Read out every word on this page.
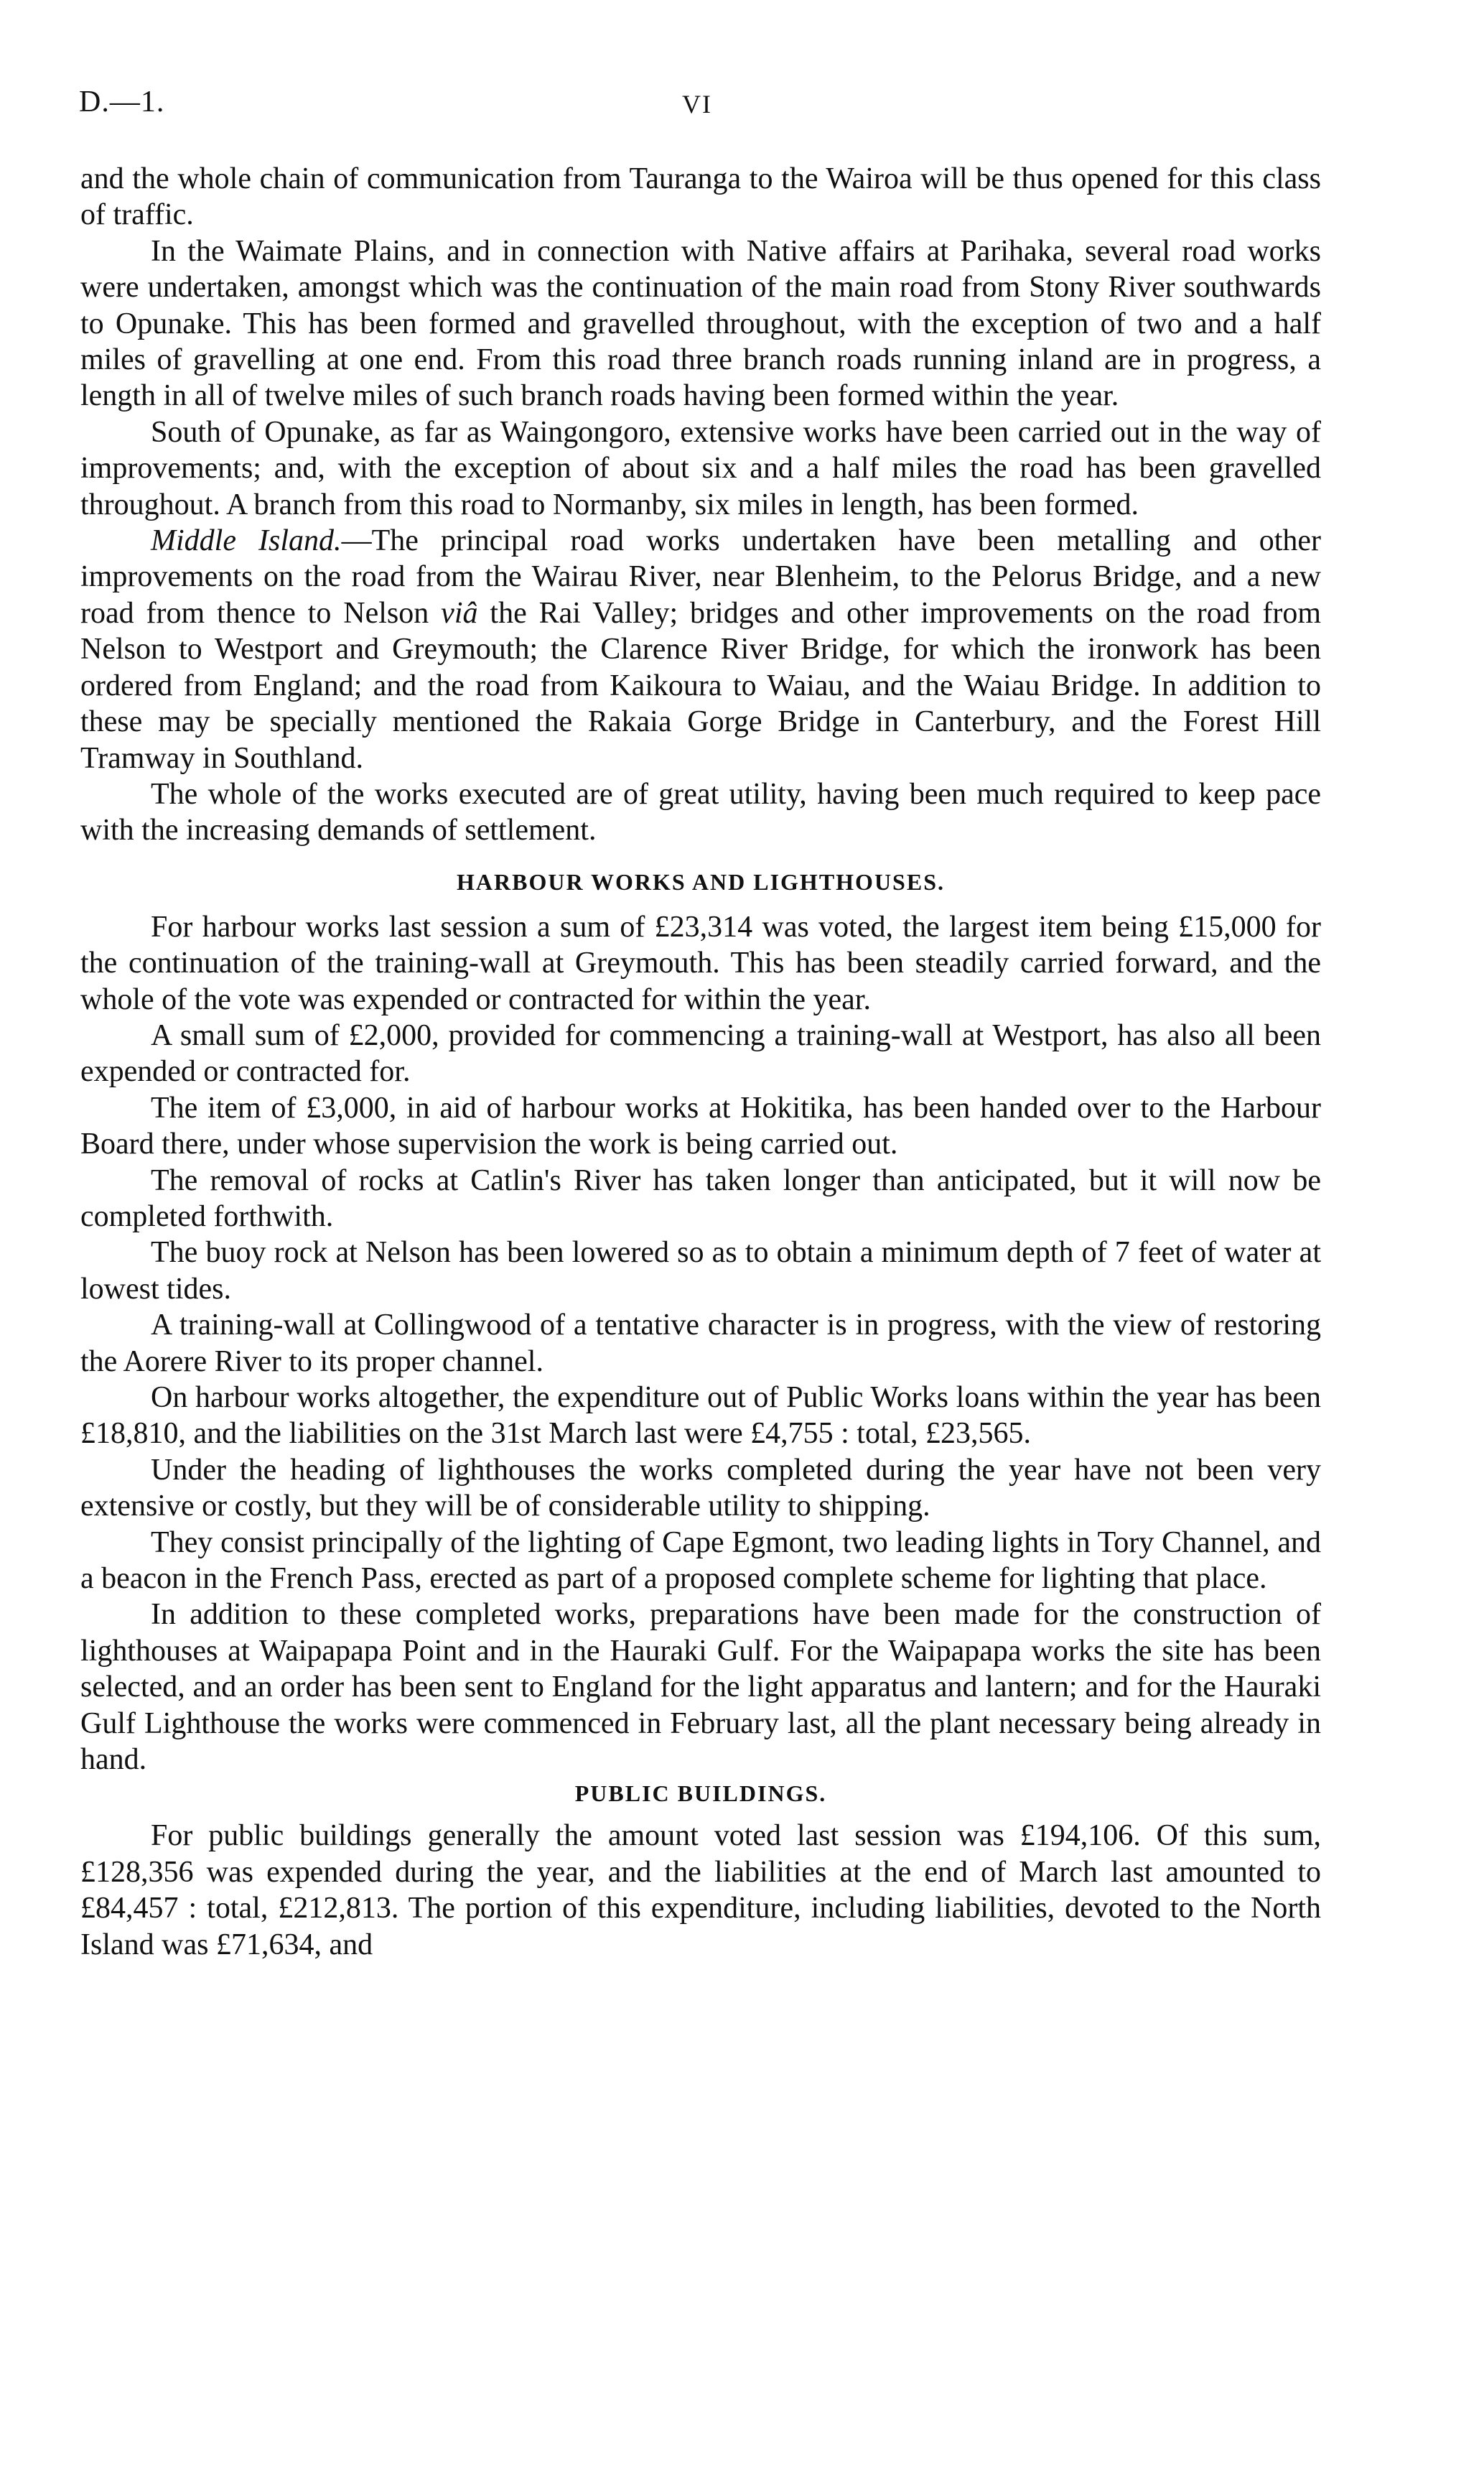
D.—1.	VI

and the whole chain of communication from Tauranga to the Wairoa will be thus opened for this class of traffic.

In the Waimate Plains, and in connection with Native affairs at Parihaka, several road works were undertaken, amongst which was the continuation of the main road from Stony River southwards to Opunake. This has been formed and gravelled throughout, with the exception of two and a half miles of gravelling at one end. From this road three branch roads running inland are in progress, a length in all of twelve miles of such branch roads having been formed within the year.

South of Opunake, as far as Waingongoro, extensive works have been carried out in the way of improvements; and, with the exception of about six and a half miles the road has been gravelled throughout. A branch from this road to Normanby, six miles in length, has been formed.

Middle Island.—The principal road works undertaken have been metalling and other improvements on the road from the Wairau River, near Blenheim, to the Pelorus Bridge, and a new road from thence to Nelson viâ the Rai Valley; bridges and other improvements on the road from Nelson to Westport and Greymouth; the Clarence River Bridge, for which the ironwork has been ordered from England; and the road from Kaikoura to Waiau, and the Waiau Bridge. In addition to these may be specially mentioned the Rakaia Gorge Bridge in Canterbury, and the Forest Hill Tramway in Southland.

The whole of the works executed are of great utility, having been much required to keep pace with the increasing demands of settlement.

HARBOUR WORKS AND LIGHTHOUSES.

For harbour works last session a sum of £23,314 was voted, the largest item being £15,000 for the continuation of the training-wall at Greymouth. This has been steadily carried forward, and the whole of the vote was expended or contracted for within the year.

A small sum of £2,000, provided for commencing a training-wall at Westport, has also all been expended or contracted for.

The item of £3,000, in aid of harbour works at Hokitika, has been handed over to the Harbour Board there, under whose supervision the work is being carried out.

The removal of rocks at Catlin's River has taken longer than anticipated, but it will now be completed forthwith.

The buoy rock at Nelson has been lowered so as to obtain a minimum depth of 7 feet of water at lowest tides.

A training-wall at Collingwood of a tentative character is in progress, with the view of restoring the Aorere River to its proper channel.

On harbour works altogether, the expenditure out of Public Works loans within the year has been £18,810, and the liabilities on the 31st March last were £4,755 : total, £23,565.

Under the heading of lighthouses the works completed during the year have not been very extensive or costly, but they will be of considerable utility to shipping.

They consist principally of the lighting of Cape Egmont, two leading lights in Tory Channel, and a beacon in the French Pass, erected as part of a proposed complete scheme for lighting that place.

In addition to these completed works, preparations have been made for the construction of lighthouses at Waipapapa Point and in the Hauraki Gulf. For the Waipapapa works the site has been selected, and an order has been sent to England for the light apparatus and lantern; and for the Hauraki Gulf Lighthouse the works were commenced in February last, all the plant necessary being already in hand.

PUBLIC BUILDINGS.

For public buildings generally the amount voted last session was £194,106. Of this sum, £128,356 was expended during the year, and the liabilities at the end of March last amounted to £84,457 : total, £212,813. The portion of this expenditure, including liabilities, devoted to the North Island was £71,634, and
